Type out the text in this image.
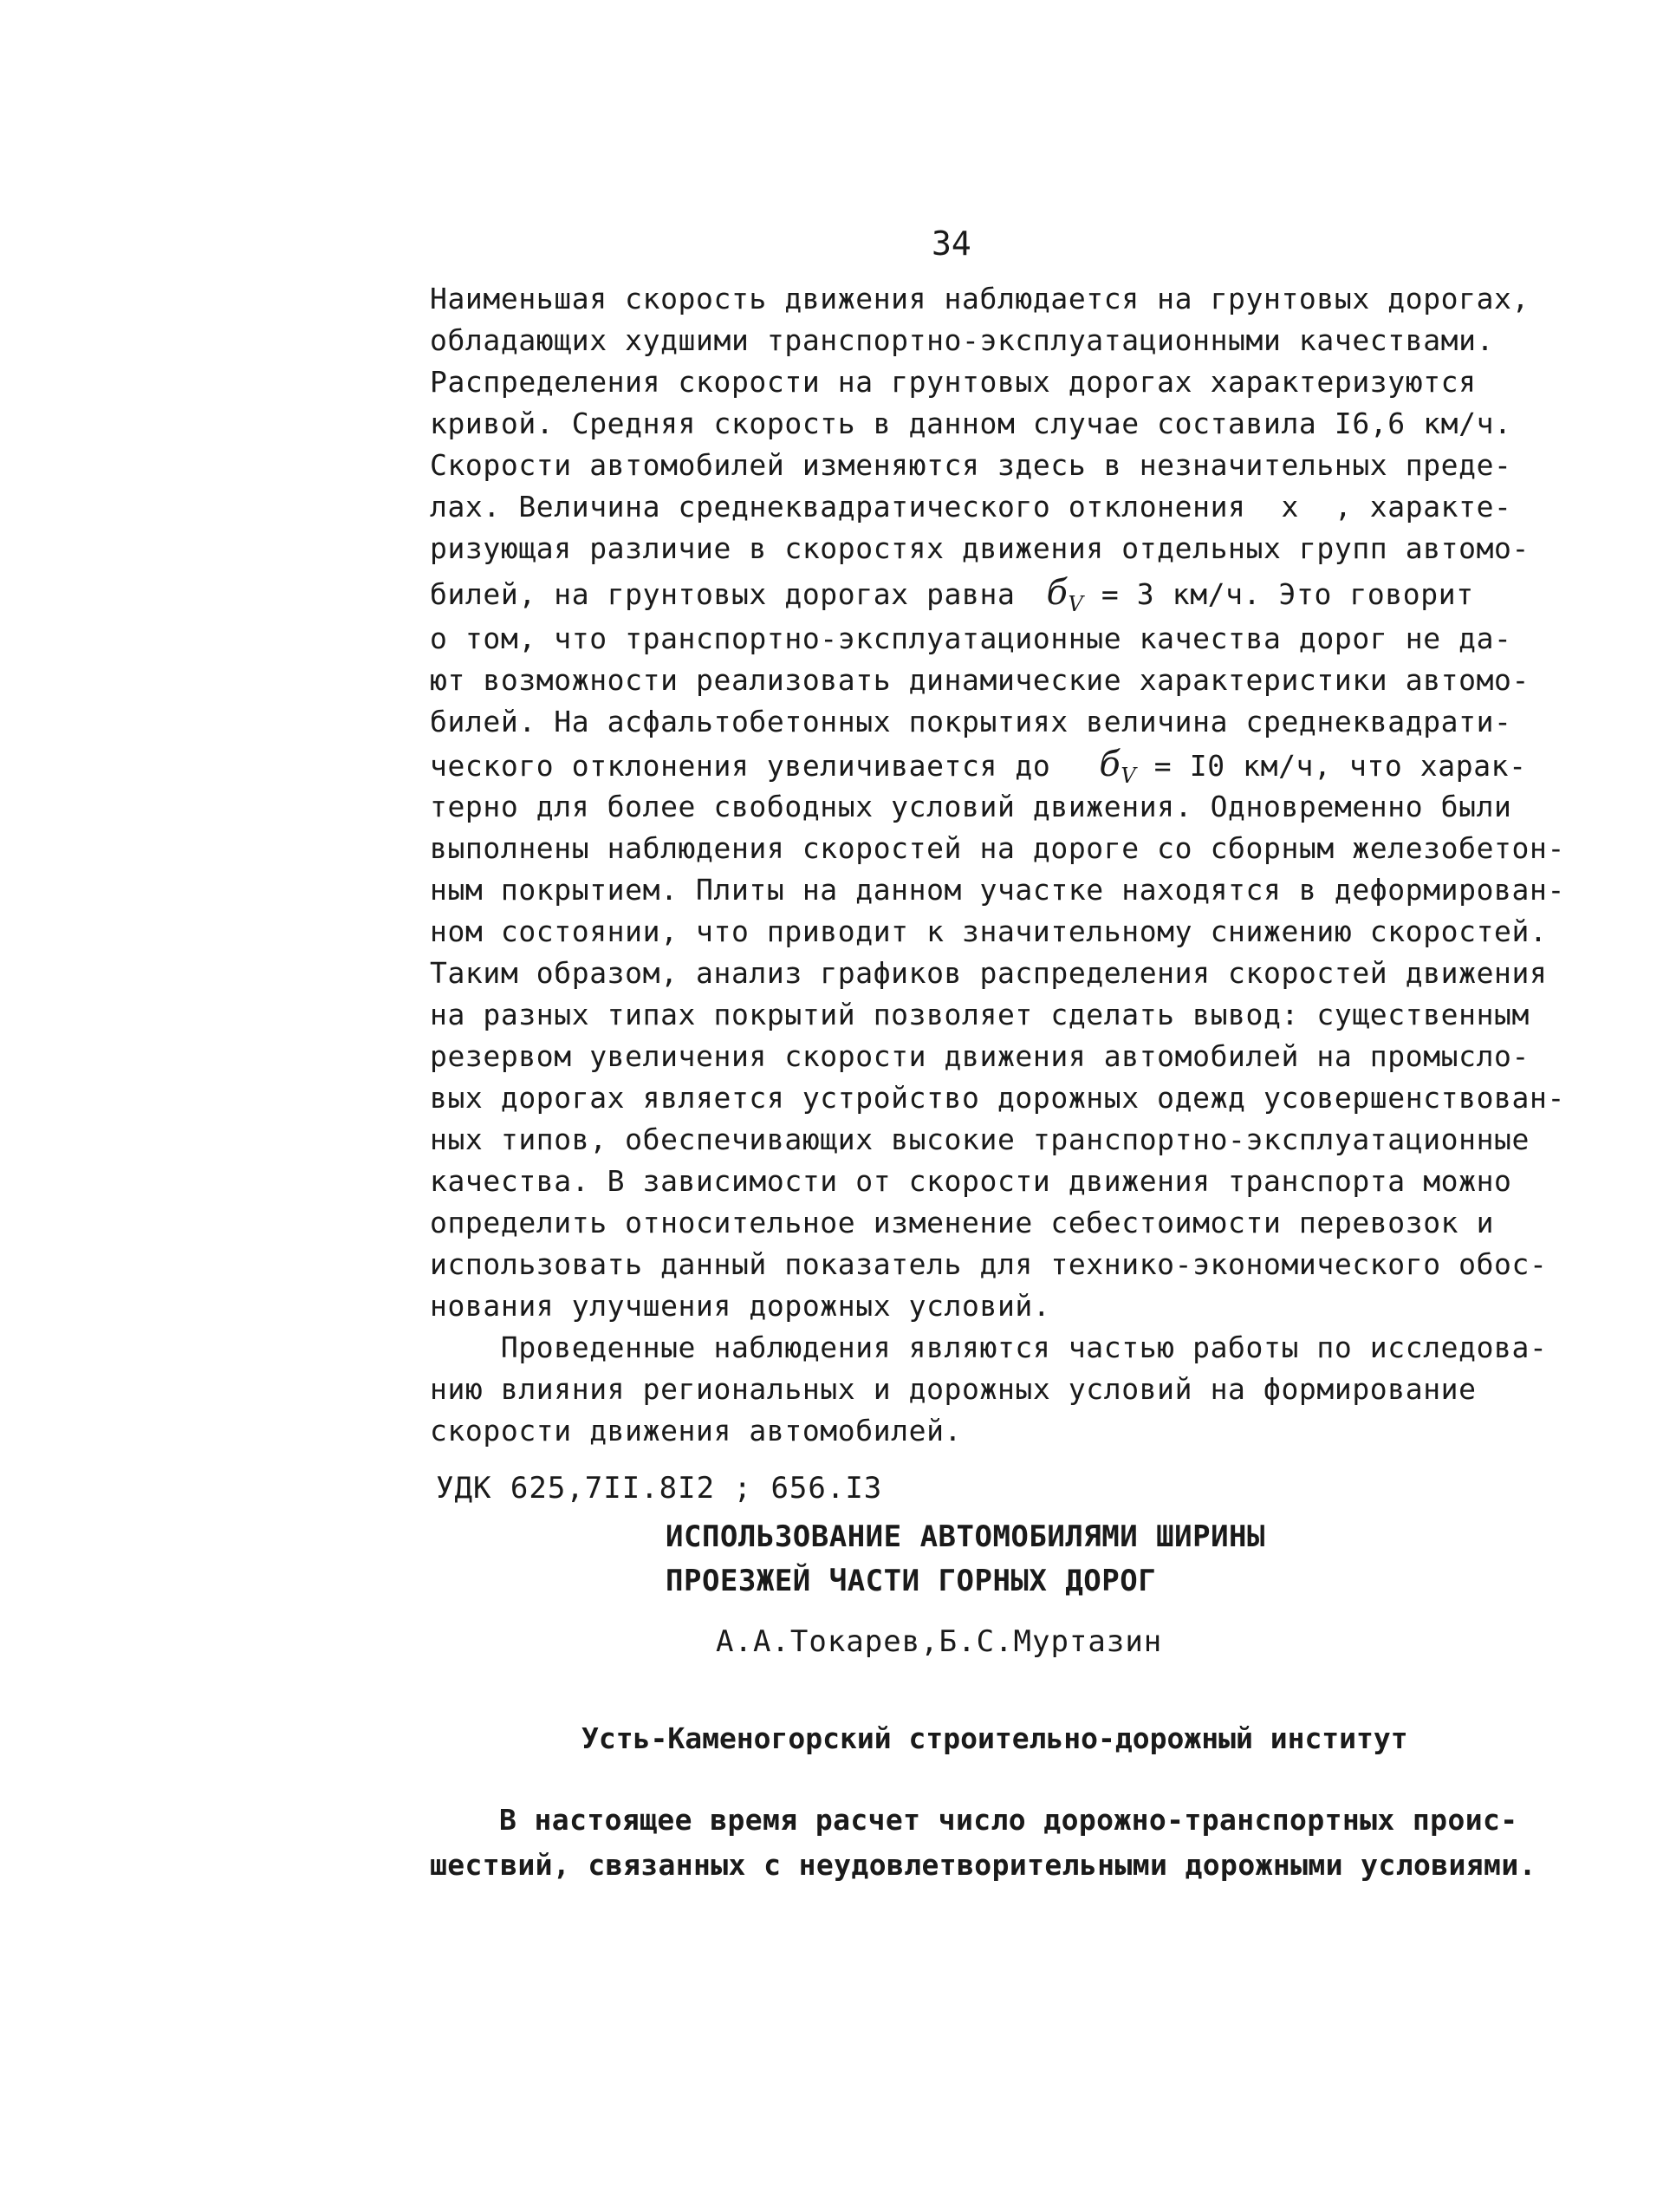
34
Наименьшая скорость движения наблюдается на грунтовых дорогах,
обладающих худшими транспортно-эксплуатационными качествами.
Распределения скорости на грунтовых дорогах характеризуются
кривой. Средняя скорость в данном случае составила I6,6 км/ч.
Скорости автомобилей изменяются здесь в незначительных преде-
лах. Величина среднеквадратического отклонения  x  , характе-
ризующая различие в скоростях движения отдельных групп автомо-
билей, на грунтовых дорогах равна $б_V = 3$ км/ч. Это говорит
о том, что транспортно-эксплуатационные качества дорог не да-
ют возможности реализовать динамические характеристики автомо-
билей. На асфальтобетонных покрытиях величина среднеквадрати-
ческого отклонения увеличивается до $б_V = I0$ км/ч, что харак-
терно для более свободных условий движения. Одновременно были
выполнены наблюдения скоростей на дороге со сборным железобетон-
ным покрытием. Плиты на данном участке находятся в деформирован-
ном состоянии, что приводит к значительному снижению скоростей.
Таким образом, анализ графиков распределения скоростей движения
на разных типах покрытий позволяет сделать вывод: существенным
резервом увеличения скорости движения автомобилей на промысло-
вых дорогах является устройство дорожных одежд усовершенствован-
ных типов, обеспечивающих высокие транспортно-эксплуатационные
качества. В зависимости от скорости движения транспорта можно
определить относительное изменение себестоимости перевозок и
использовать данный показатель для технико-экономического обос-
нования улучшения дорожных условий.
Проведенные наблюдения являются частью работы по исследова-
нию влияния региональных и дорожных условий на формирование
скорости движения автомобилей.
УДК 625,7II.8I2 ; 656.I3
ИСПОЛЬЗОВАНИЕ АВТОМОБИЛЯМИ ШИРИНЫ
ПРОЕЗЖЕЙ ЧАСТИ ГОРНЫХ ДОРОГ
А.А.Токарев,Б.С.Муртазин
Усть-Каменогорский строительно-дорожный институт
В настоящее время расчет число дорожно-транспортных проис-
шествий, связанных с неудовлетворительными дорожными условиями.
